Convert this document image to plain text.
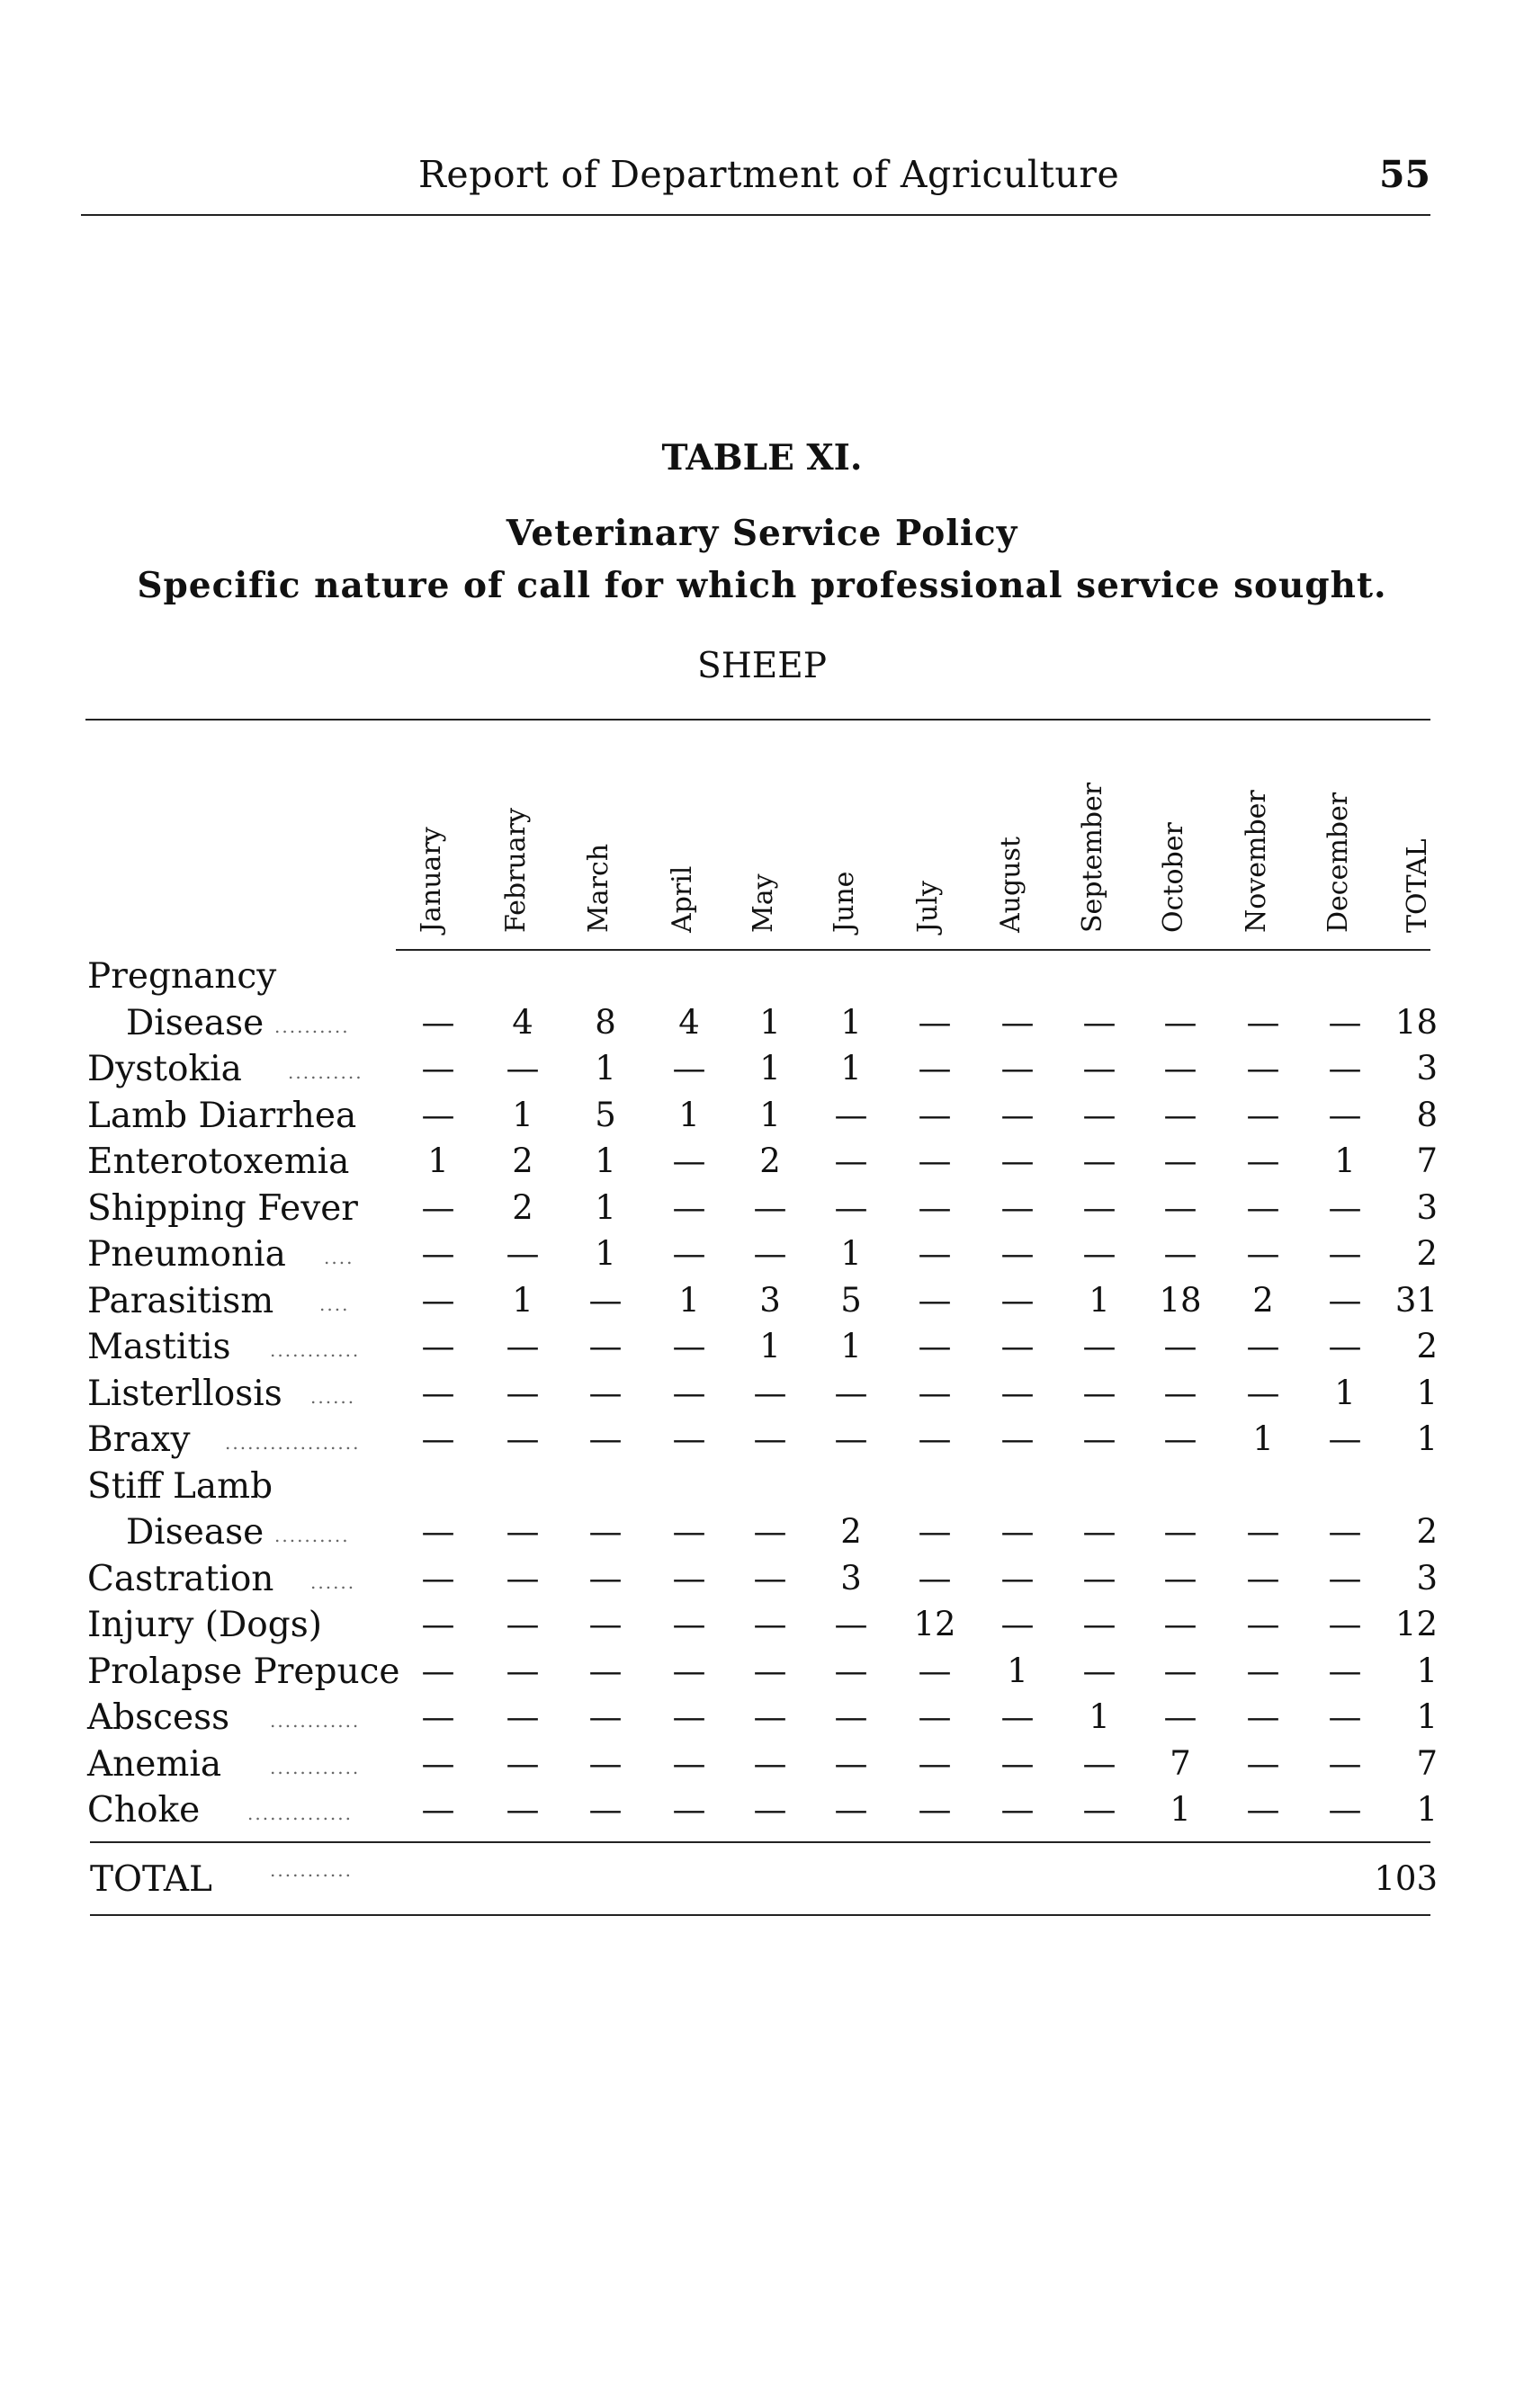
Report of Department of Agriculture	55
TABLE XI.
Veterinary Service Policy
Specific nature of call for which professional service sought.
SHEEP
January February March April May June July August September October November December TOTAL
Pregnancy
Disease ..........	—	4	8	4	1	1	—	—	—	—	—	—	18
Dystokia	..........	—	—	1	—	1	1	—	—	—	—	—	—	3
Lamb Diarrhea	—	1	5	1	1	—	—	—	—	—	—	—	8
Enterotoxemia	1	2	1	—	2	—	—	—	—	—	—	1	7
Shipping Fever	—	2	1	—	—	—	—	—	—	—	—	—	3
Pneumonia ....	—	—	1	—	—	1	—	—	—	—	—	—	2
Parasitism	....	—	1	—	1	3	5	—	—	1	18	2	—	31
Mastitis ............	—	—	—	—	1	1	—	—	—	—	—	—	2
Listerllosis ......	—	—	—	—	—	—	—	—	—	—	—	1	1
Braxy ..................	—	—	—	—	—	—	—	—	—	—	1	—	1
Stiff Lamb
Disease ..........	—	—	—	—	—	2	—	—	—	—	—	—	2
Castration ......	—	—	—	—	—	3	—	—	—	—	—	—	3
Injury (Dogs)	—	—	—	—	—	—	12	—	—	—	—	—	12
Prolapse Prepuce —	—	—	—	—	—	—	1	—	—	—	—	1
Abscess ............	—	—	—	—	—	—	—	—	1	—	—	—	1
Anemia	............	—	—	—	—	—	—	—	—	—	7	—	—	7
Choke	..............	—	—	—	—	—	—	—	—	—	1	—	—	1
TOTAL	...........	103
